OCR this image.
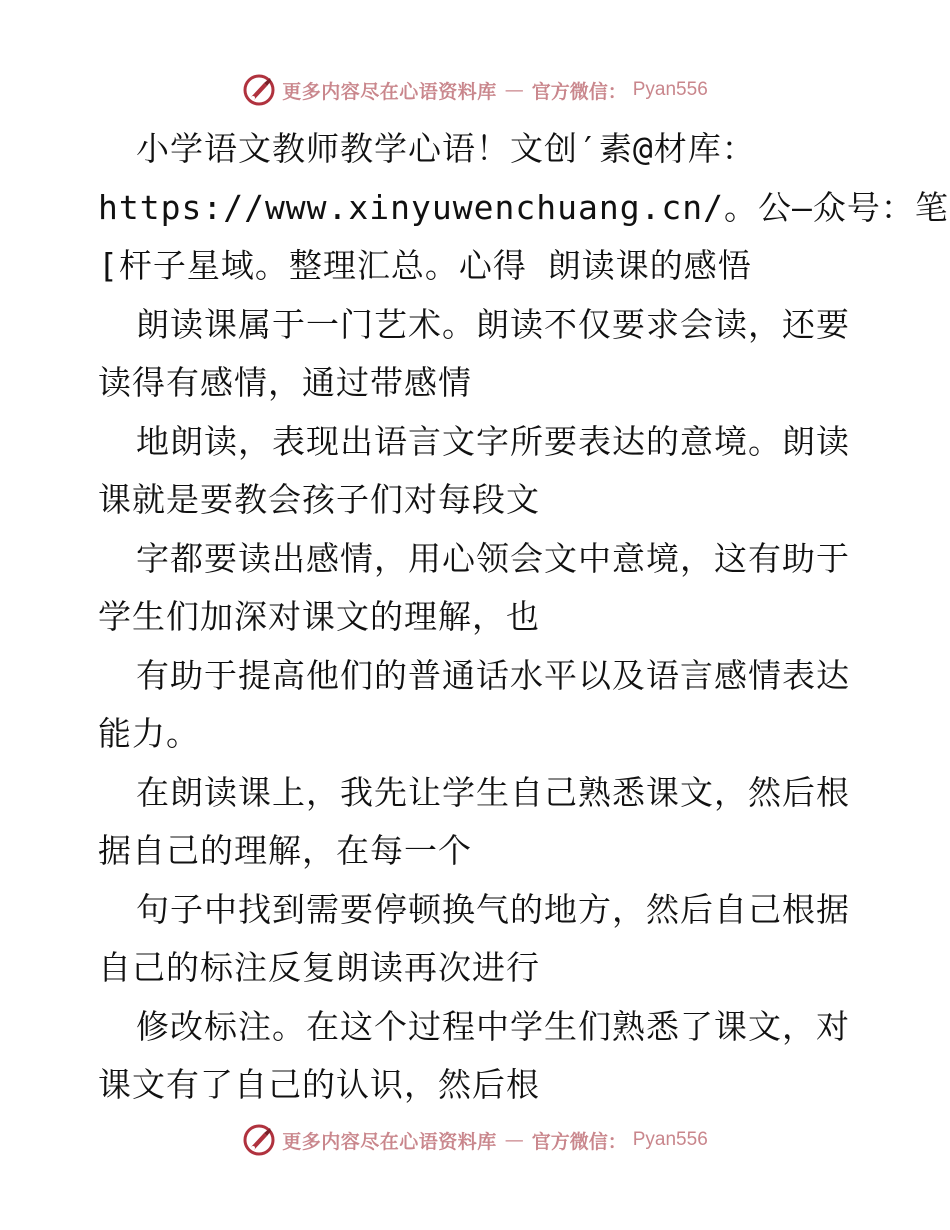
更多内容尽在心语资料库 — 官方微信： Pyan556
小学语文教师教学心语！文创′素@材库：
https://www.xinyuwenchuang.cn/。公—众号：笔
[杆子星域。整理汇总。心得 朗读课的感悟
朗读课属于一门艺术。朗读不仅要求会读，还要
读得有感情，通过带感情
地朗读，表现出语言文字所要表达的意境。朗读
课就是要教会孩子们对每段文
字都要读出感情，用心领会文中意境，这有助于
学生们加深对课文的理解，也
有助于提高他们的普通话水平以及语言感情表达
能力。
在朗读课上，我先让学生自己熟悉课文，然后根
据自己的理解，在每一个
句子中找到需要停顿换气的地方，然后自己根据
自己的标注反复朗读再次进行
修改标注。在这个过程中学生们熟悉了课文，对
课文有了自己的认识，然后根
更多内容尽在心语资料库 — 官方微信： Pyan556
